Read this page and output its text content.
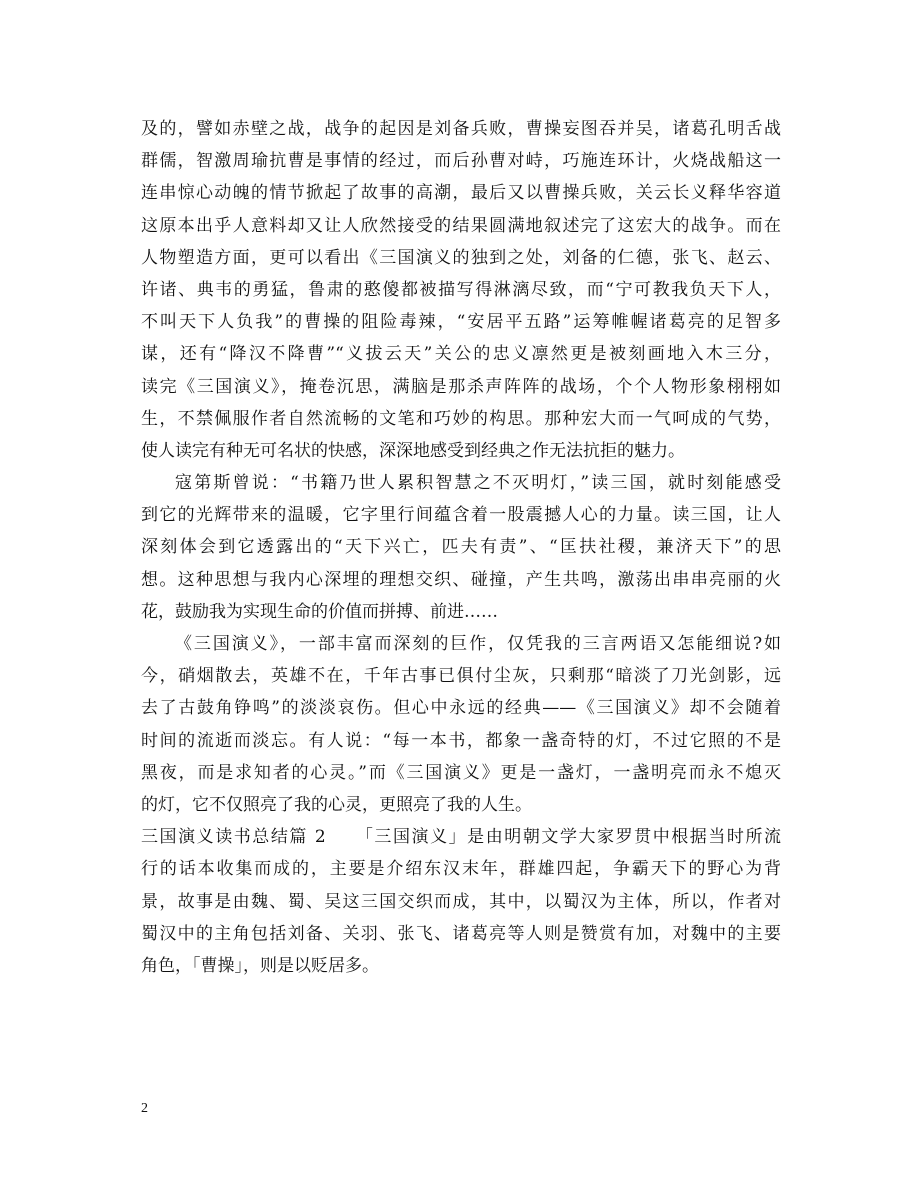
及的，譬如赤壁之战，战争的起因是刘备兵败，曹操妄图吞并吴，诸葛孔明舌战
群儒，智激周瑜抗曹是事情的经过，而后孙曹对峙，巧施连环计，火烧战船这一
连串惊心动魄的情节掀起了故事的高潮，最后又以曹操兵败，关云长义释华容道
这原本出乎人意料却又让人欣然接受的结果圆满地叙述完了这宏大的战争。而在
人物塑造方面，更可以看出《三国演义的独到之处，刘备的仁德，张飞、赵云、
许诸、典韦的勇猛，鲁肃的憨傻都被描写得淋漓尽致，而“宁可教我负天下人，
不叫天下人负我”的曹操的阻险毒辣，“安居平五路”运筹帷幄诸葛亮的足智多
谋，还有“降汉不降曹”“义拔云天”关公的忠义凛然更是被刻画地入木三分，
读完《三国演义》，掩卷沉思，满脑是那杀声阵阵的战场，个个人物形象栩栩如
生，不禁佩服作者自然流畅的文笔和巧妙的构思。那种宏大而一气呵成的气势，
使人读完有种无可名状的快感，深深地感受到经典之作无法抗拒的魅力。
寇第斯曾说：“书籍乃世人累积智慧之不灭明灯，”读三国，就时刻能感受
到它的光辉带来的温暖，它字里行间蕴含着一股震撼人心的力量。读三国，让人
深刻体会到它透露出的“天下兴亡，匹夫有责”、“匡扶社稷，兼济天下”的思
想。这种思想与我内心深埋的理想交织、碰撞，产生共鸣，激荡出串串亮丽的火
花，鼓励我为实现生命的价值而拼搏、前进……
《三国演义》，一部丰富而深刻的巨作，仅凭我的三言两语又怎能细说?如
今，硝烟散去，英雄不在，千年古事已俱付尘灰，只剩那“暗淡了刀光剑影，远
去了古鼓角铮鸣”的淡淡哀伤。但心中永远的经典——《三国演义》却不会随着
时间的流逝而淡忘。有人说：“每一本书，都象一盏奇特的灯，不过它照的不是
黑夜，而是求知者的心灵。”而《三国演义》更是一盏灯，一盏明亮而永不熄灭
的灯，它不仅照亮了我的心灵，更照亮了我的人生。
三国演义读书总结篇 2　　「三国演义」是由明朝文学大家罗贯中根据当时所流
行的话本收集而成的，主要是介绍东汉末年，群雄四起，争霸天下的野心为背
景，故事是由魏、蜀、吴这三国交织而成，其中，以蜀汉为主体，所以，作者对
蜀汉中的主角包括刘备、关羽、张飞、诸葛亮等人则是赞赏有加，对魏中的主要
角色，「曹操」，则是以贬居多。
2
